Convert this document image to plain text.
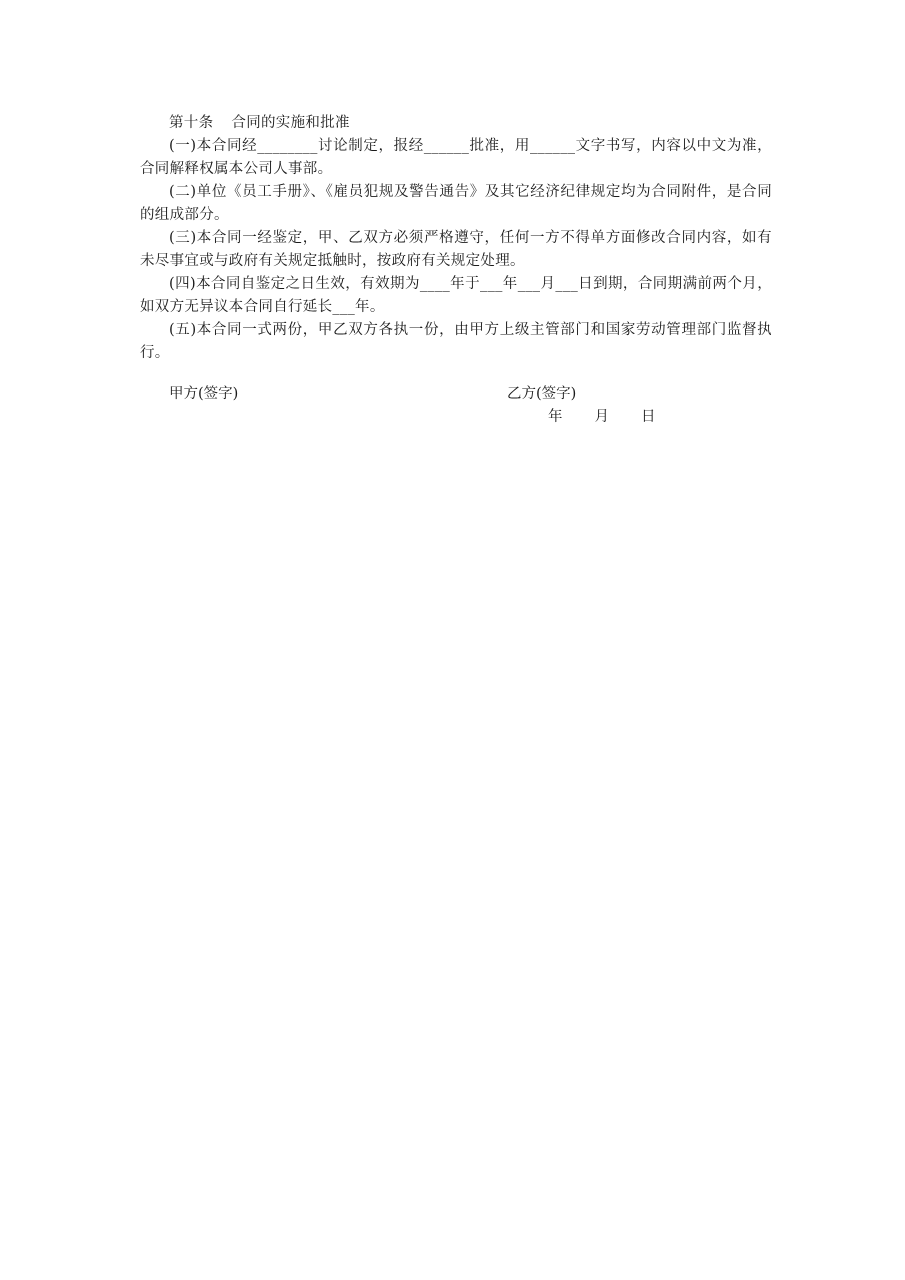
第十条 合同的实施和批准

(一)本合同经________讨论制定，报经______批准，用______文字书写，内容以中文为准，合同解释权属本公司人事部。

(二)单位《员工手册》、《雇员犯规及警告通告》及其它经济纪律规定均为合同附件，是合同的组成部分。

(三)本合同一经鉴定，甲、乙双方必须严格遵守，任何一方不得单方面修改合同内容，如有未尽事宜或与政府有关规定抵触时，按政府有关规定处理。

(四)本合同自鉴定之日生效，有效期为____年于___年___月___日到期，合同期满前两个月，如双方无异议本合同自行延长___年。

(五)本合同一式两份，甲乙双方各执一份，由甲方上级主管部门和国家劳动管理部门监督执行。

甲方(签字)	乙方(签字)
年 月 日
